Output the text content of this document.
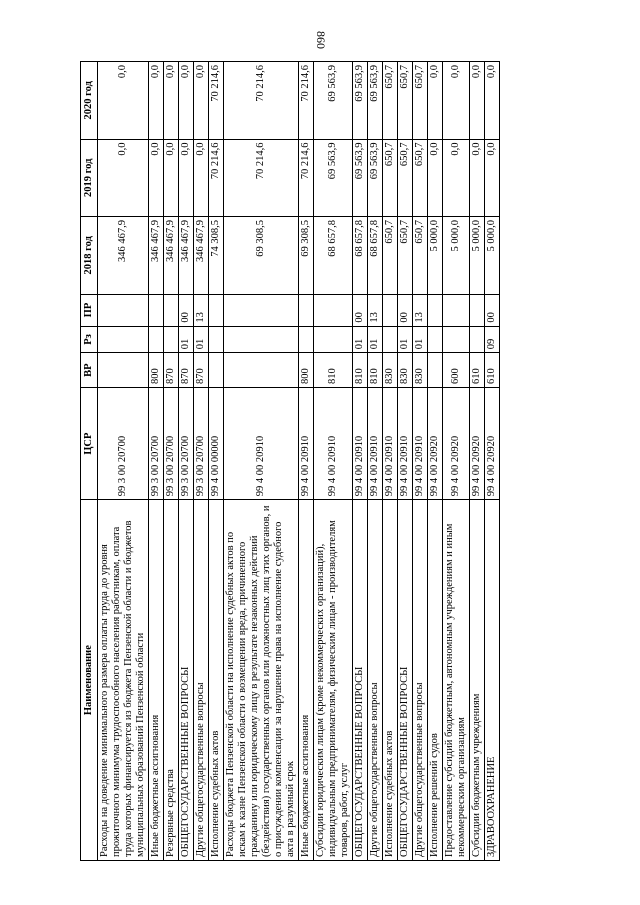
860
Наименование	ЦСР	ВР	Рз	ПР	2018 год	2019 год	2020 год
Расходы на доведение минимального размера оплаты труда до уровня прожиточного минимума трудоспособного населения работникам, оплата труда которых финансируется из бюджета Пензенской области и бюджетов муниципальных образований Пензенской области	99 3 00 20700				346 467,9	0,0	0,0
Иные бюджетные ассигнования	99 3 00 20700	800			346 467,9	0,0	0,0
Резервные средства	99 3 00 20700	870			346 467,9	0,0	0,0
ОБЩЕГОСУДАРСТВЕННЫЕ ВОПРОСЫ	99 3 00 20700	870	01	00	346 467,9	0,0	0,0
Другие общегосударственные вопросы	99 3 00 20700	870	01	13	346 467,9	0,0	0,0
Исполнение судебных актов	99 4 00 00000				74 308,5	70 214,6	70 214,6
Расходы бюджета Пензенской области на исполнение судебных актов по искам к казне Пензенской области о возмещении вреда, причиненного гражданину или юридическому лицу в результате незаконных действий (бездействия) государственных органов или должностных лиц этих органов, и о присуждении компенсации за нарушение права на исполнение судебного акта в разумный срок	99 4 00 20910				69 308,5	70 214,6	70 214,6
Иные бюджетные ассигнования	99 4 00 20910	800			69 308,5	70 214,6	70 214,6
Субсидии юридическим лицам (кроме некоммерческих организаций), индивидуальным предпринимателям, физическим лицам - производителям товаров, работ, услуг	99 4 00 20910	810			68 657,8	69 563,9	69 563,9
ОБЩЕГОСУДАРСТВЕННЫЕ ВОПРОСЫ	99 4 00 20910	810	01	00	68 657,8	69 563,9	69 563,9
Другие общегосударственные вопросы	99 4 00 20910	810	01	13	68 657,8	69 563,9	69 563,9
Исполнение судебных актов	99 4 00 20910	830			650,7	650,7	650,7
ОБЩЕГОСУДАРСТВЕННЫЕ ВОПРОСЫ	99 4 00 20910	830	01	00	650,7	650,7	650,7
Другие общегосударственные вопросы	99 4 00 20910	830	01	13	650,7	650,7	650,7
Исполнение решений судов	99 4 00 20920				5 000,0	0,0	0,0
Предоставление субсидий бюджетным, автономным учреждениям и иным некоммерческим организациям	99 4 00 20920	600			5 000,0	0,0	0,0
Субсидии бюджетным учреждениям	99 4 00 20920	610			5 000,0	0,0	0,0
ЗДРАВООХРАНЕНИЕ	99 4 00 20920	610	09	00	5 000,0	0,0	0,0
